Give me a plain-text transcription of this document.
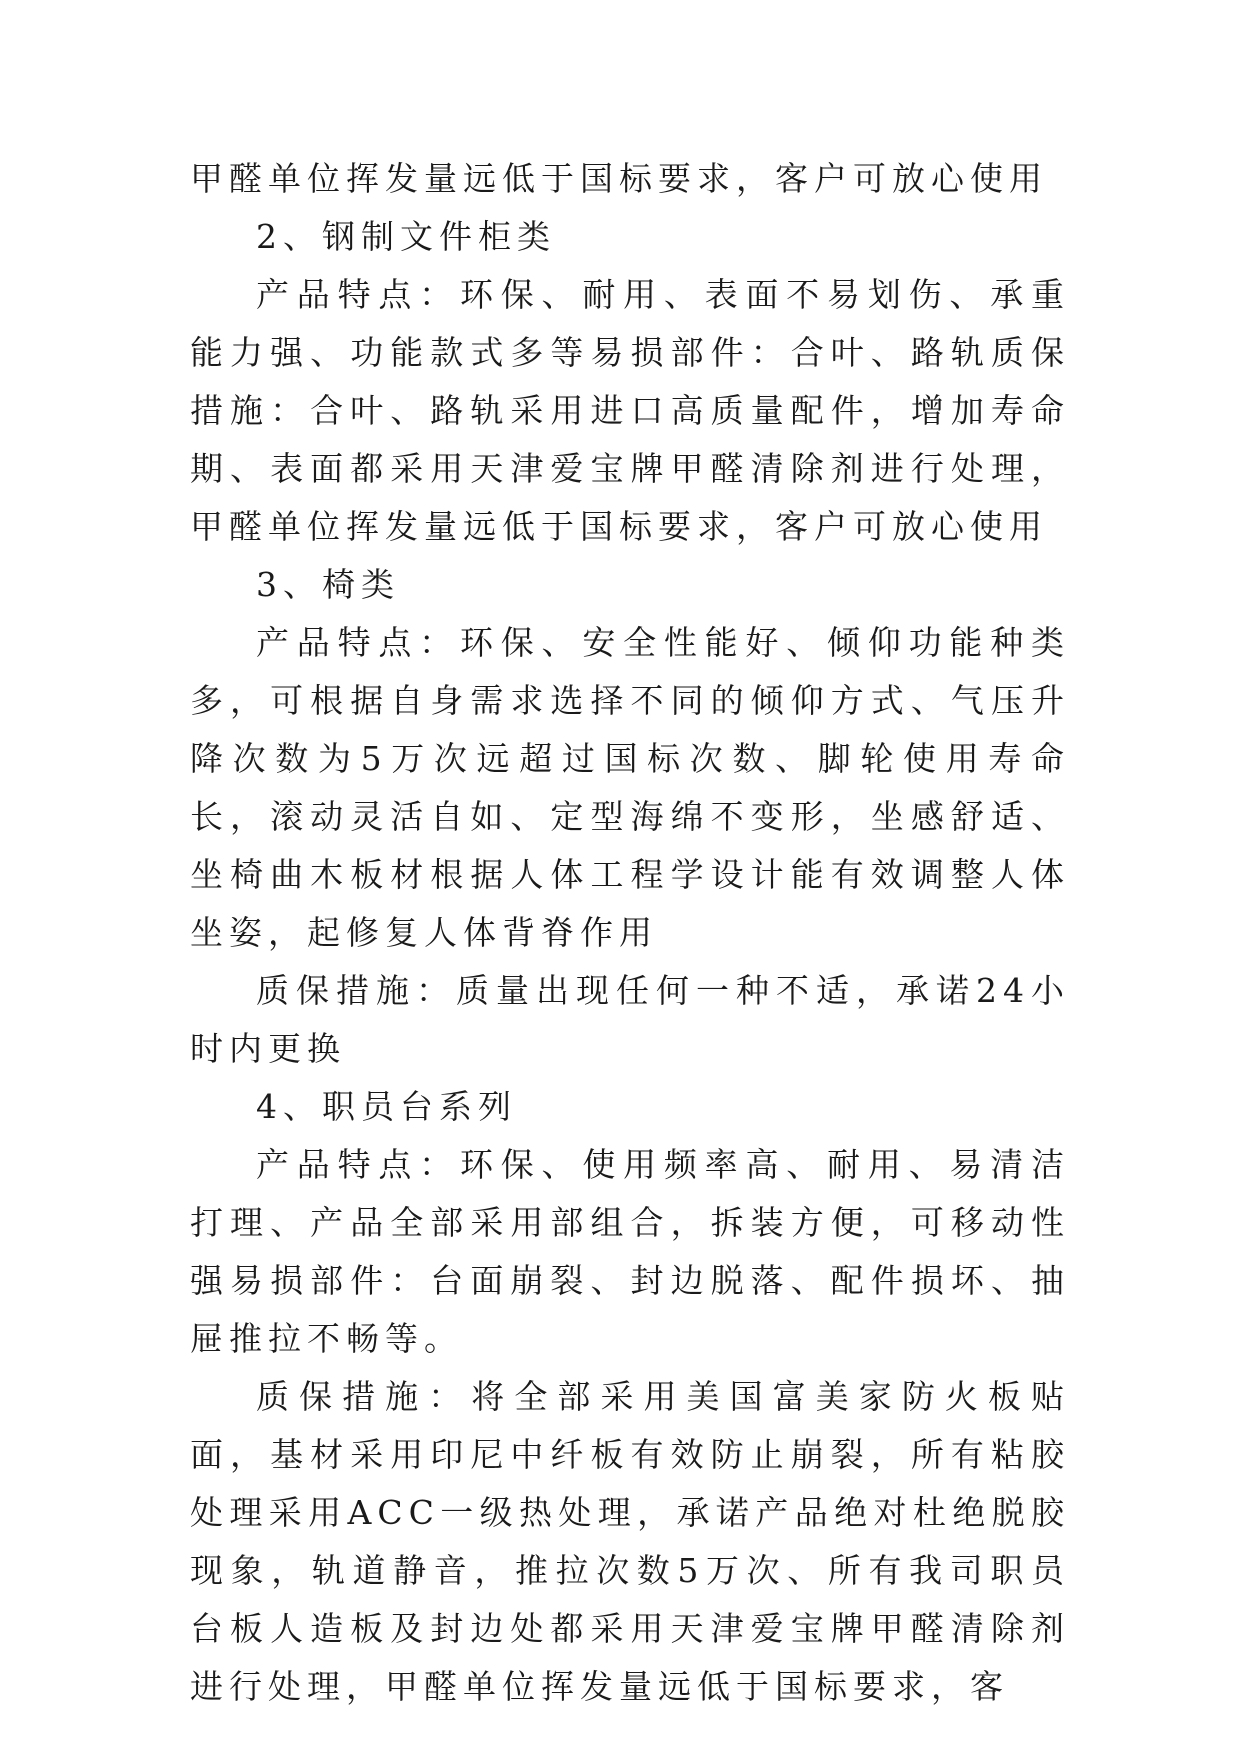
甲醛单位挥发量远低于国标要求，客户可放心使用

2、钢制文件柜类

产品特点：环保、耐用、表面不易划伤、承重能力强、功能款式多等易损部件：合叶、路轨质保措施：合叶、路轨采用进口高质量配件，增加寿命期、表面都采用天津爱宝牌甲醛清除剂进行处理，甲醛单位挥发量远低于国标要求，客户可放心使用

3、椅类

产品特点：环保、安全性能好、倾仰功能种类多，可根据自身需求选择不同的倾仰方式、气压升降次数为5万次远超过国标次数、脚轮使用寿命长，滚动灵活自如、定型海绵不变形，坐感舒适、坐椅曲木板材根据人体工程学设计能有效调整人体坐姿，起修复人体背脊作用

质保措施：质量出现任何一种不适，承诺24小时内更换

4、职员台系列

产品特点：环保、使用频率高、耐用、易清洁打理、产品全部采用部组合，拆装方便，可移动性强易损部件：台面崩裂、封边脱落、配件损坏、抽屉推拉不畅等。

质保措施：将全部采用美国富美家防火板贴面，基材采用印尼中纤板有效防止崩裂，所有粘胶处理采用ACC一级热处理，承诺产品绝对杜绝脱胶现象，轨道静音，推拉次数5万次、所有我司职员台板人造板及封边处都采用天津爱宝牌甲醛清除剂进行处理，甲醛单位挥发量远低于国标要求，客
